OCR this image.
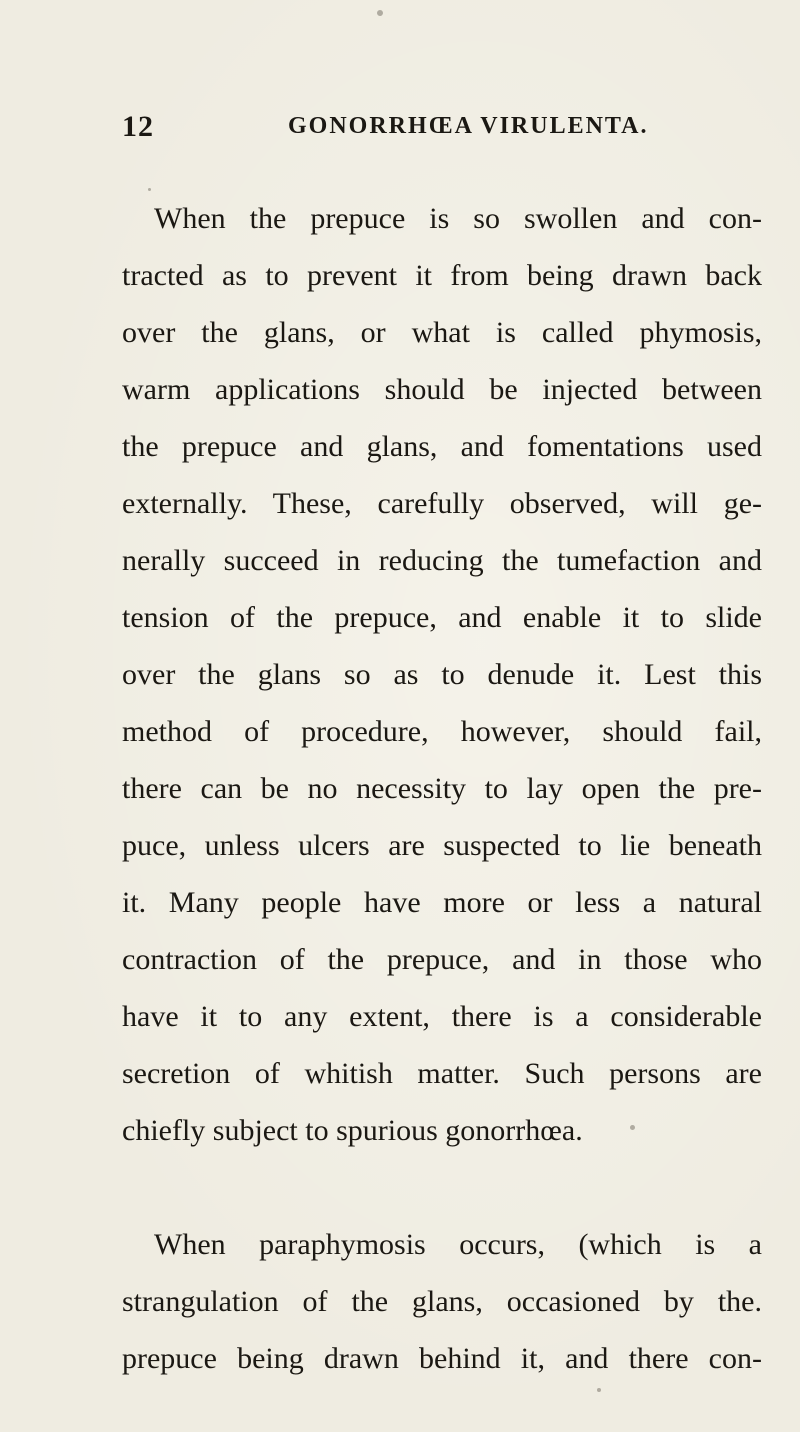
12	GONORRHŒA VIRULENTA.
When the prepuce is so swollen and con-
tracted as to prevent it from being drawn back
over the glans, or what is called phymosis,
warm applications should be injected between
the prepuce and glans, and fomentations used
externally. These, carefully observed, will ge-
nerally succeed in reducing the tumefaction and
tension of the prepuce, and enable it to slide
over the glans so as to denude it. Lest this
method of procedure, however, should fail,
there can be no necessity to lay open the pre-
puce, unless ulcers are suspected to lie beneath
it. Many people have more or less a natural
contraction of the prepuce, and in those who
have it to any extent, there is a considerable
secretion of whitish matter. Such persons are
chiefly subject to spurious gonorrhœa.
When paraphymosis occurs, (which is a
strangulation of the glans, occasioned by the.
prepuce being drawn behind it, and there con-
